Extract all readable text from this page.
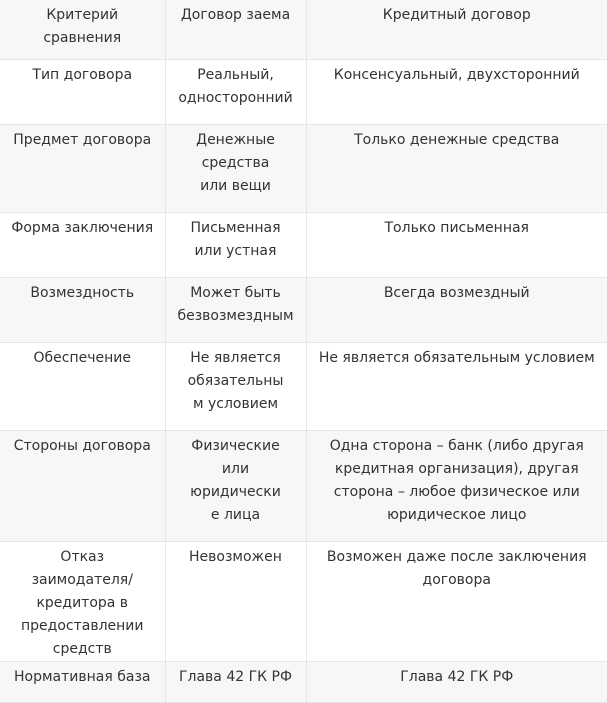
Критерий сравнения	Договор заема	Кредитный договор
Тип договора	Реальный, односторонний	Консенсуальный, двухсторонний
Предмет договора	Денежные средства или вещи	Только денежные средства
Форма заключения	Письменная или устная	Только письменная
Возмездность	Может быть безвозмездным	Всегда возмездный
Обеспечение	Не является обязательным условием	Не является обязательным условием
Стороны договора	Физические или юридические лица	Одна сторона – банк (либо другая кредитная организация), другая сторона – любое физическое или юридическое лицо
Отказ заимодателя/ кредитора в предоставлении средств	Невозможен	Возможен даже после заключения договора
Нормативная база	Глава 42 ГК РФ	Глава 42 ГК РФ
